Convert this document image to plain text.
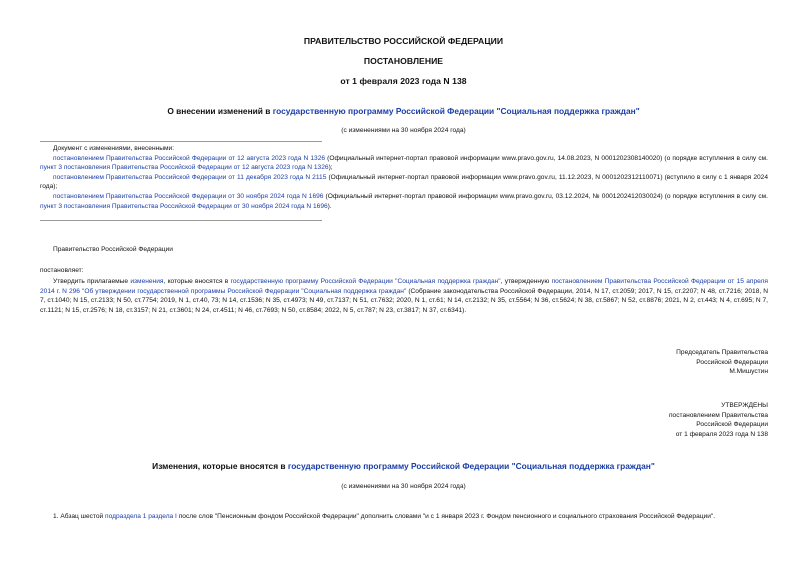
ПРАВИТЕЛЬСТВО РОССИЙСКОЙ ФЕДЕРАЦИИ
ПОСТАНОВЛЕНИЕ
от 1 февраля 2023 года N 138
О внесении изменений в государственную программу Российской Федерации "Социальная поддержка граждан"
(с изменениями на 30 ноября 2024 года)
Документ с изменениями, внесенными:
постановлением Правительства Российской Федерации от 12 августа 2023 года N 1326 (Официальный интернет-портал правовой информации www.pravo.gov.ru, 14.08.2023, N 0001202308140020) (о порядке вступления в силу см. пункт 3 постановления Правительства Российской Федерации от 12 августа 2023 года N 1326);
постановлением Правительства Российской Федерации от 11 декабря 2023 года N 2115 (Официальный интернет-портал правовой информации www.pravo.gov.ru, 11.12.2023, N 0001202312110071) (вступило в силу с 1 января 2024 года);
постановлением Правительства Российской Федерации от 30 ноября 2024 года N 1696 (Официальный интернет-портал правовой информации www.pravo.gov.ru, 03.12.2024, № 0001202412030024) (о порядке вступления в силу см. пункт 3 постановления Правительства Российской Федерации от 30 ноября 2024 года N 1696).
Правительство Российской Федерации
постановляет:
Утвердить прилагаемые изменения, которые вносятся в государственную программу Российской Федерации "Социальная поддержка граждан", утвержденную постановлением Правительства Российской Федерации от 15 апреля 2014 г. N 296 "Об утверждении государственной программы Российской Федерации "Социальная поддержка граждан" (Собрание законодательства Российской Федерации, 2014, N 17, ст.2059; 2017, N 15, ст.2207; N 48, ст.7216; 2018, N 7, ст.1040; N 15, ст.2133; N 50, ст.7754; 2019, N 1, ст.40, 73; N 14, ст.1536; N 35, ст.4973; N 49, ст.7137; N 51, ст.7632; 2020, N 1, ст.61; N 14, ст.2132; N 35, ст.5564; N 36, ст.5624; N 38, ст.5867; N 52, ст.8876; 2021, N 2, ст.443; N 4, ст.695; N 7, ст.1121; N 15, ст.2576; N 18, ст.3157; N 21, ст.3601; N 24, ст.4511; N 46, ст.7693; N 50, ст.8584; 2022, N 5, ст.787; N 23, ст.3817; N 37, ст.6341).
Председатель Правительства
Российской Федерации
М.Мишустин
УТВЕРЖДЕНЫ
постановлением Правительства
Российской Федерации
от 1 февраля 2023 года N 138
Изменения, которые вносятся в государственную программу Российской Федерации "Социальная поддержка граждан"
(с изменениями на 30 ноября 2024 года)
1. Абзац шестой подраздела 1 раздела I после слов "Пенсионным фондом Российской Федерации" дополнить словами "и с 1 января 2023 г. Фондом пенсионного и социального страхования Российской Федерации".
